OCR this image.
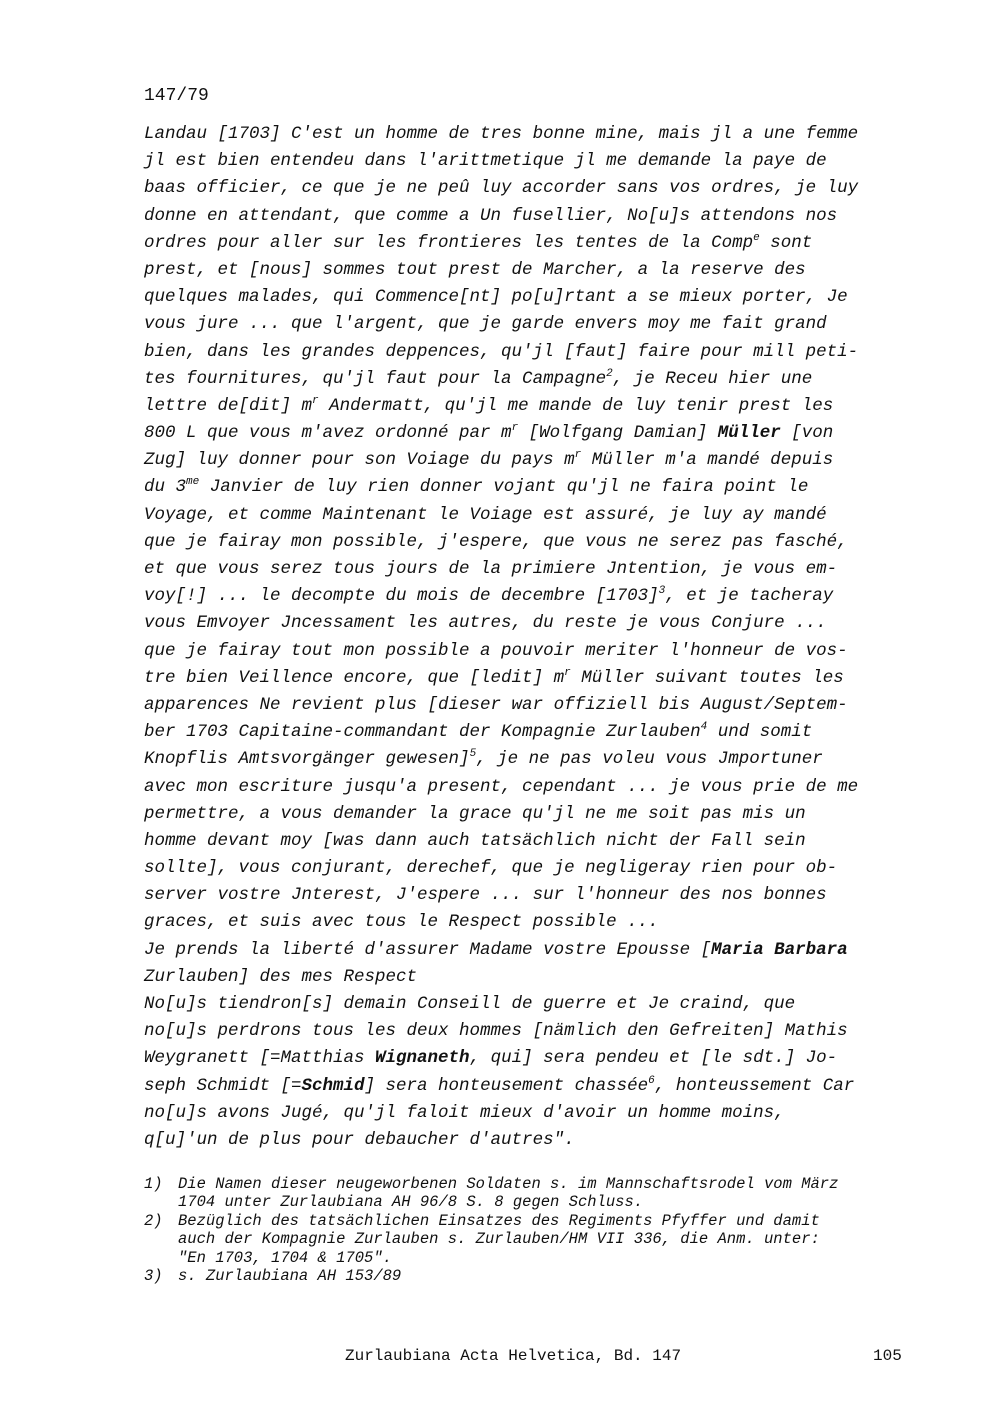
147/79
Landau [1703] C'est un homme de tres bonne mine, mais jl a une femme
jl est bien entendeu dans l'arittmetique jl me demande la paye de
baas officier, ce que je ne peû luy accorder sans vos ordres, je luy
donne en attendant, que comme a Un fusellier, No[u]s attendons nos
ordres pour aller sur les frontieres les tentes de la Comp$^e$ sont
prest, et [nous] sommes tout prest de Marcher, a la reserve des
quelques malades, qui Commence[nt] po[u]rtant a se mieux porter, Je
vous jure ... que l'argent, que je garde envers moy me fait grand
bien, dans les grandes deppences, qu'jl [faut] faire pour mill peti-
tes fournitures, qu'jl faut pour la Campagne$^2$, je Receu hier une
lettre de[dit] $m^r$ Andermatt, qu'jl me mande de luy tenir prest les
800 L que vous m'avez ordonné par $m^r$ [Wolfgang Damian] Müller [von
Zug] luy donner pour son Voiage du pays $m^r$ Müller m'a mandé depuis
du $3^{me}$ Janvier de luy rien donner vojant qu'jl ne faira point le
Voyage, et comme Maintenant le Voiage est assuré, je luy ay mandé
que je fairay mon possible, j'espere, que vous ne serez pas fasché,
et que vous serez tous jours de la primiere Jntention, je vous em-
voy[!] ... le decompte du mois de decembre $[1703]^3$, et je tacheray
vous Emvoyer Jncessament les autres, du reste je vous Conjure ...
que je fairay tout mon possible a pouvoir meriter l'honneur de vos-
tre bien Veillence encore, que [ledit] $m^r$ Müller suivant toutes les
apparences Ne revient plus [dieser war offiziell bis August/Septem-
ber 1703 Capitaine-commandant der Kompagnie Zurlauben$^4$ und somit
Knopflis Amtsvorgänger gewesen]$^5$, je ne pas voleu vous Jmportuner
avec mon escriture jusqu'a present, cependant ... je vous prie de me
permettre, a vous demander la grace qu'jl ne me soit pas mis un
homme devant moy [was dann auch tatsächlich nicht der Fall sein
sollte], vous conjurant, derechef, que je negligeray rien pour ob-
server vostre Jnterest, J'espere ... sur l'honneur des nos bonnes
graces, et suis avec tous le Respect possible ...
Je prends la liberté d'assurer Madame vostre Epousse [Maria Barbara
Zurlauben] des mes Respect
No[u]s tiendron[s] demain Conseill de guerre et Je craind, que
no[u]s perdrons tous les deux hommes [nämlich den Gefreiten] Mathis
Weygranett [=Matthias Wignaneth, qui] sera pendeu et [le sdt.] Jo-
seph Schmidt [=Schmid] sera honteusement chassée$^6$, honteussement Car
no[u]s avons Jugé, qu'jl faloit mieux d'avoir un homme moins,
q[u]'un de plus pour debaucher d'autres".
1) Die Namen dieser neugeworbenen Soldaten s. im Mannschaftsrodel vom März
1704 unter Zurlaubiana AH 96/8 S. 8 gegen Schluss.
2) Bezüglich des tatsächlichen Einsatzes des Regiments Pfyffer und damit
auch der Kompagnie Zurlauben s. Zurlauben/HM VII 336, die Anm. unter:
"En 1703, 1704 & 1705".
3) s. Zurlaubiana AH 153/89
Zurlaubiana Acta Helvetica, Bd. 147	105
